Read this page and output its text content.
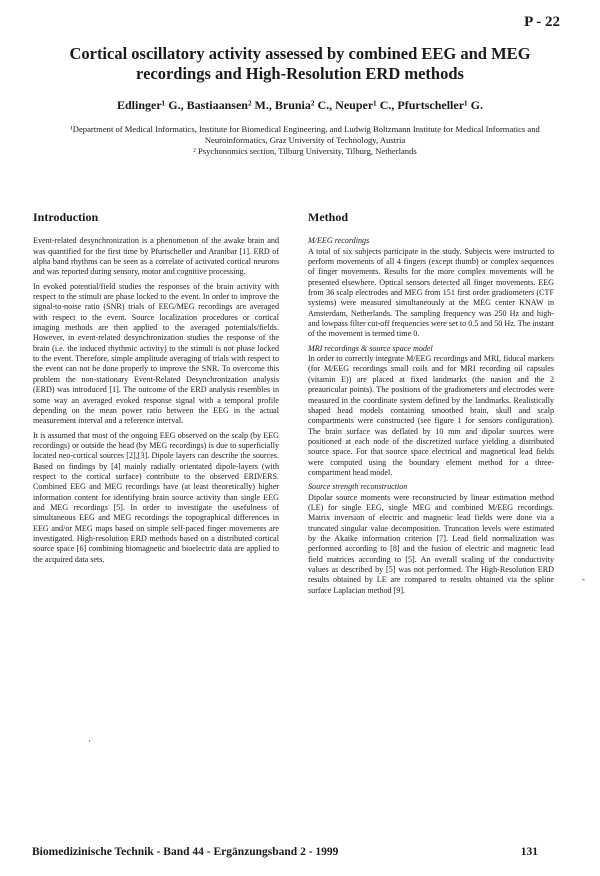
P - 22
Cortical oscillatory activity assessed by combined EEG and MEG recordings and High-Resolution ERD methods
Edlinger¹ G., Bastiaansen² M., Brunia² C., Neuper¹ C., Pfurtscheller¹ G.

¹Department of Medical Informatics, Institute for Biomedical Engineering, and Ludwig Boltzmann Institute for Medical Informatics and Neuroinformatics, Graz University of Technology, Austria

² Psychonomics section, Tilburg University, Tilburg, Netherlands

Introduction

Event-related desynchronization is a phenomenon of the awake brain and was quantified for the first time by Pfurtscheller and Aranibar [1]. ERD of alpha band rhythms can be seen as a correlate of activated cortical neurons and was reported during sensory, motor and cognitive processing.

In evoked potential/field studies the responses of the brain activity with respect to the stimuli are phase locked to the event. In order to improve the signal-to-noise ratio (SNR) trials of EEG/MEG recordings are averaged with respect to the event. Source localization procedures or cortical imaging methods are then applied to the averaged potentials/fields. However, in event-related desynchronization studies the response of the brain (i.e. the induced rhythmic activity) to the stimuli is not phase locked to the event. Therefore, simple amplitude averaging of trials with respect to the event can not be done properly to improve the SNR. To overcome this problem the non-stationary Event-Related Desynchronization analysis (ERD) was introduced [1]. The outcome of the ERD analysis resembles in some way an averaged evoked response signal with a temporal profile depending on the mean power ratio between the EEG in the actual measurement interval and a reference interval.

It is assumed that most of the ongoing EEG observed on the scalp (by EEG recordings) or outside the head (by MEG recordings) is due to superficially located neo-cortical sources [2],[3]. Dipole layers can describe the sources. Based on findings by [4] mainly radially orientated dipole-layers (with respect to the cortical surface) contribute to the observed ERD/ERS. Combined EEG and MEG recordings have (at least theoretically) higher information content for identifying brain source activity than single EEG and MEG recordings [5]. In order to investigate the usefulness of simultaneous EEG and MEG recordings the topographical differences in EEG and/or MEG maps based on simple self-paced finger movements are investigated. High-resolution ERD methods based on a distributed cortical source space [6] combining biomagnetic and bioelectric data are applied to the acquired data sets.

Method
M/EEG recordings

A total of six subjects participate in the study. Subjects were instructed to perform movements of all 4 fingers (except thumb) or complex sequences of finger movements. Results for the more complex movements will be presented elsewhere. Optical sensors detected all finger movements. EEG from 36 scalp electrodes and MEG from 151 first order gradiometers (CTF systems) were measured simultaneously at the MEG center KNAW in Amsterdam, Netherlands. The sampling frequency was 250 Hz and high- and lowpass filter cut-off frequencies were set to 0.5 and 50 Hz. The instant of the movement is termed time 0.

MRI recordings & source space model

In order to correctly integrate M/EEG recordings and MRI, fiducal markers (for M/EEG recordings small coils and for MRI recording oil capsules (vitamin E)) are placed at fixed landmarks (the nasion and the 2 preauricular points). The positions of the gradiometers and electrodes were measured in the coordinate system defined by the landmarks. Realistically shaped head models containing smoothed brain, skull and scalp compartments were constructed (see figure 1 for sensors configuration). The brain surface was deflated by 10 mm and dipolar sources were positioned at each node of the discretized surface yielding a distributed source space. For that source space electrical and magnetical lead fields were computed using the boundary element method for a three-compartment head model.

Source strength reconstruction

Dipolar source moments were reconstructed by linear estimation method (LE) for single EEG, single MEG and combined M/EEG recordings. Matrix inversion of electric and magnetic lead fields were done via a truncated singular value decomposition. Truncation levels were estimated by the Akaike information criterion [7]. Lead field normalization was performed according to [8] and the fusion of electric and magnetic lead field matrices according to [5]. An overall scaling of the conductivity values as described by [5] was not performed. The High-Resolution ERD results obtained by LE are compared to results obtained via the spline surface Laplacian method [9].

-
·
Biomedizinische Technik - Band 44 - Ergänzungsband 2 - 1999	131
